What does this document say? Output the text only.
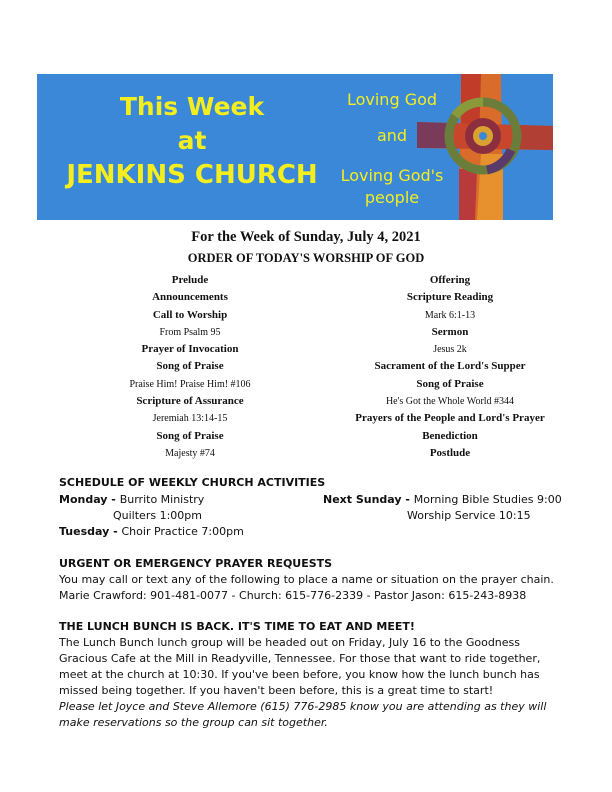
This Week
at
JENKINS CHURCH
Loving God
and
Loving God's
people
For the Week of Sunday, July 4, 2021
ORDER OF TODAY'S WORSHIP OF GOD
Prelude
Announcements
Call to Worship
From Psalm 95
Prayer of Invocation
Song of Praise
Praise Him! Praise Him! #106
Scripture of Assurance
Jeremiah 13:14-15
Song of Praise
Majesty #74
Offering
Scripture Reading
Mark 6:1-13
Sermon
Jesus 2k
Sacrament of the Lord's Supper
Song of Praise
He's Got the Whole World #344
Prayers of the People and Lord's Prayer
Benediction
Postlude
SCHEDULE OF WEEKLY CHURCH ACTIVITIES
Monday - Burrito Ministry
Quilters 1:00pm
Tuesday - Choir Practice 7:00pm
Next Sunday - Morning Bible Studies 9:00
Worship Service 10:15
URGENT OR EMERGENCY PRAYER REQUESTS
You may call or text any of the following to place a name or situation on the prayer chain.
Marie Crawford: 901-481-0077 - Church: 615-776-2339 - Pastor Jason: 615-243-8938
THE LUNCH BUNCH IS BACK. IT'S TIME TO EAT AND MEET!
The Lunch Bunch lunch group will be headed out on Friday, July 16 to the Goodness
Gracious Cafe at the Mill in Readyville, Tennessee. For those that want to ride together,
meet at the church at 10:30. If you've been before, you know how the lunch bunch has
missed being together. If you haven't been before, this is a great time to start!
Please let Joyce and Steve Allemore (615) 776-2985 know you are attending as they will
make reservations so the group can sit together.
